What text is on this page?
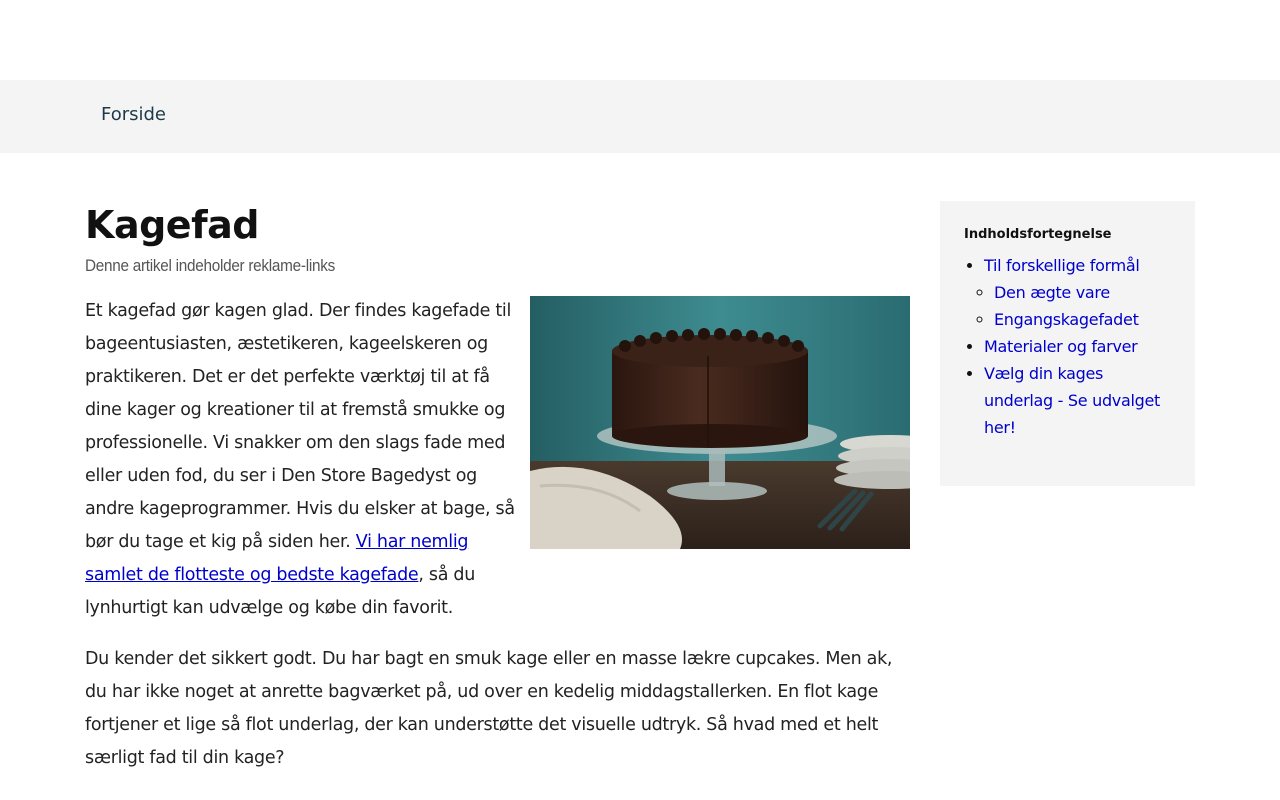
Forside
Kagefad
Denne artikel indeholder reklame-links

Et kagefad gør kagen glad. Der findes kagefade til bageentusiasten, æstetikeren, kageelskeren og praktikeren. Det er det perfekte værktøj til at få dine kager og kreationer til at fremstå smukke og professionelle. Vi snakker om den slags fade med eller uden fod, du ser i Den Store Bagedyst og andre kageprogrammer. Hvis du elsker at bage, så bør du tage et kig på siden her. Vi har nemlig samlet de flotteste og bedste kagefade, så du lynhurtigt kan udvælge og købe din favorit.

Du kender det sikkert godt. Du har bagt en smuk kage eller en masse lækre cupcakes. Men ak, du har ikke noget at anrette bagværket på, ud over en kedelig middagstallerken. En flot kage fortjener et lige så flot underlag, der kan understøtte det visuelle udtryk. Så hvad med et helt særligt fad til din kage?

Indholdsfortegnelse
• Til forskellige formål
◦ Den ægte vare
◦ Engangskagefadet
• Materialer og farver
• Vælg din kages underlag - Se udvalget her!
